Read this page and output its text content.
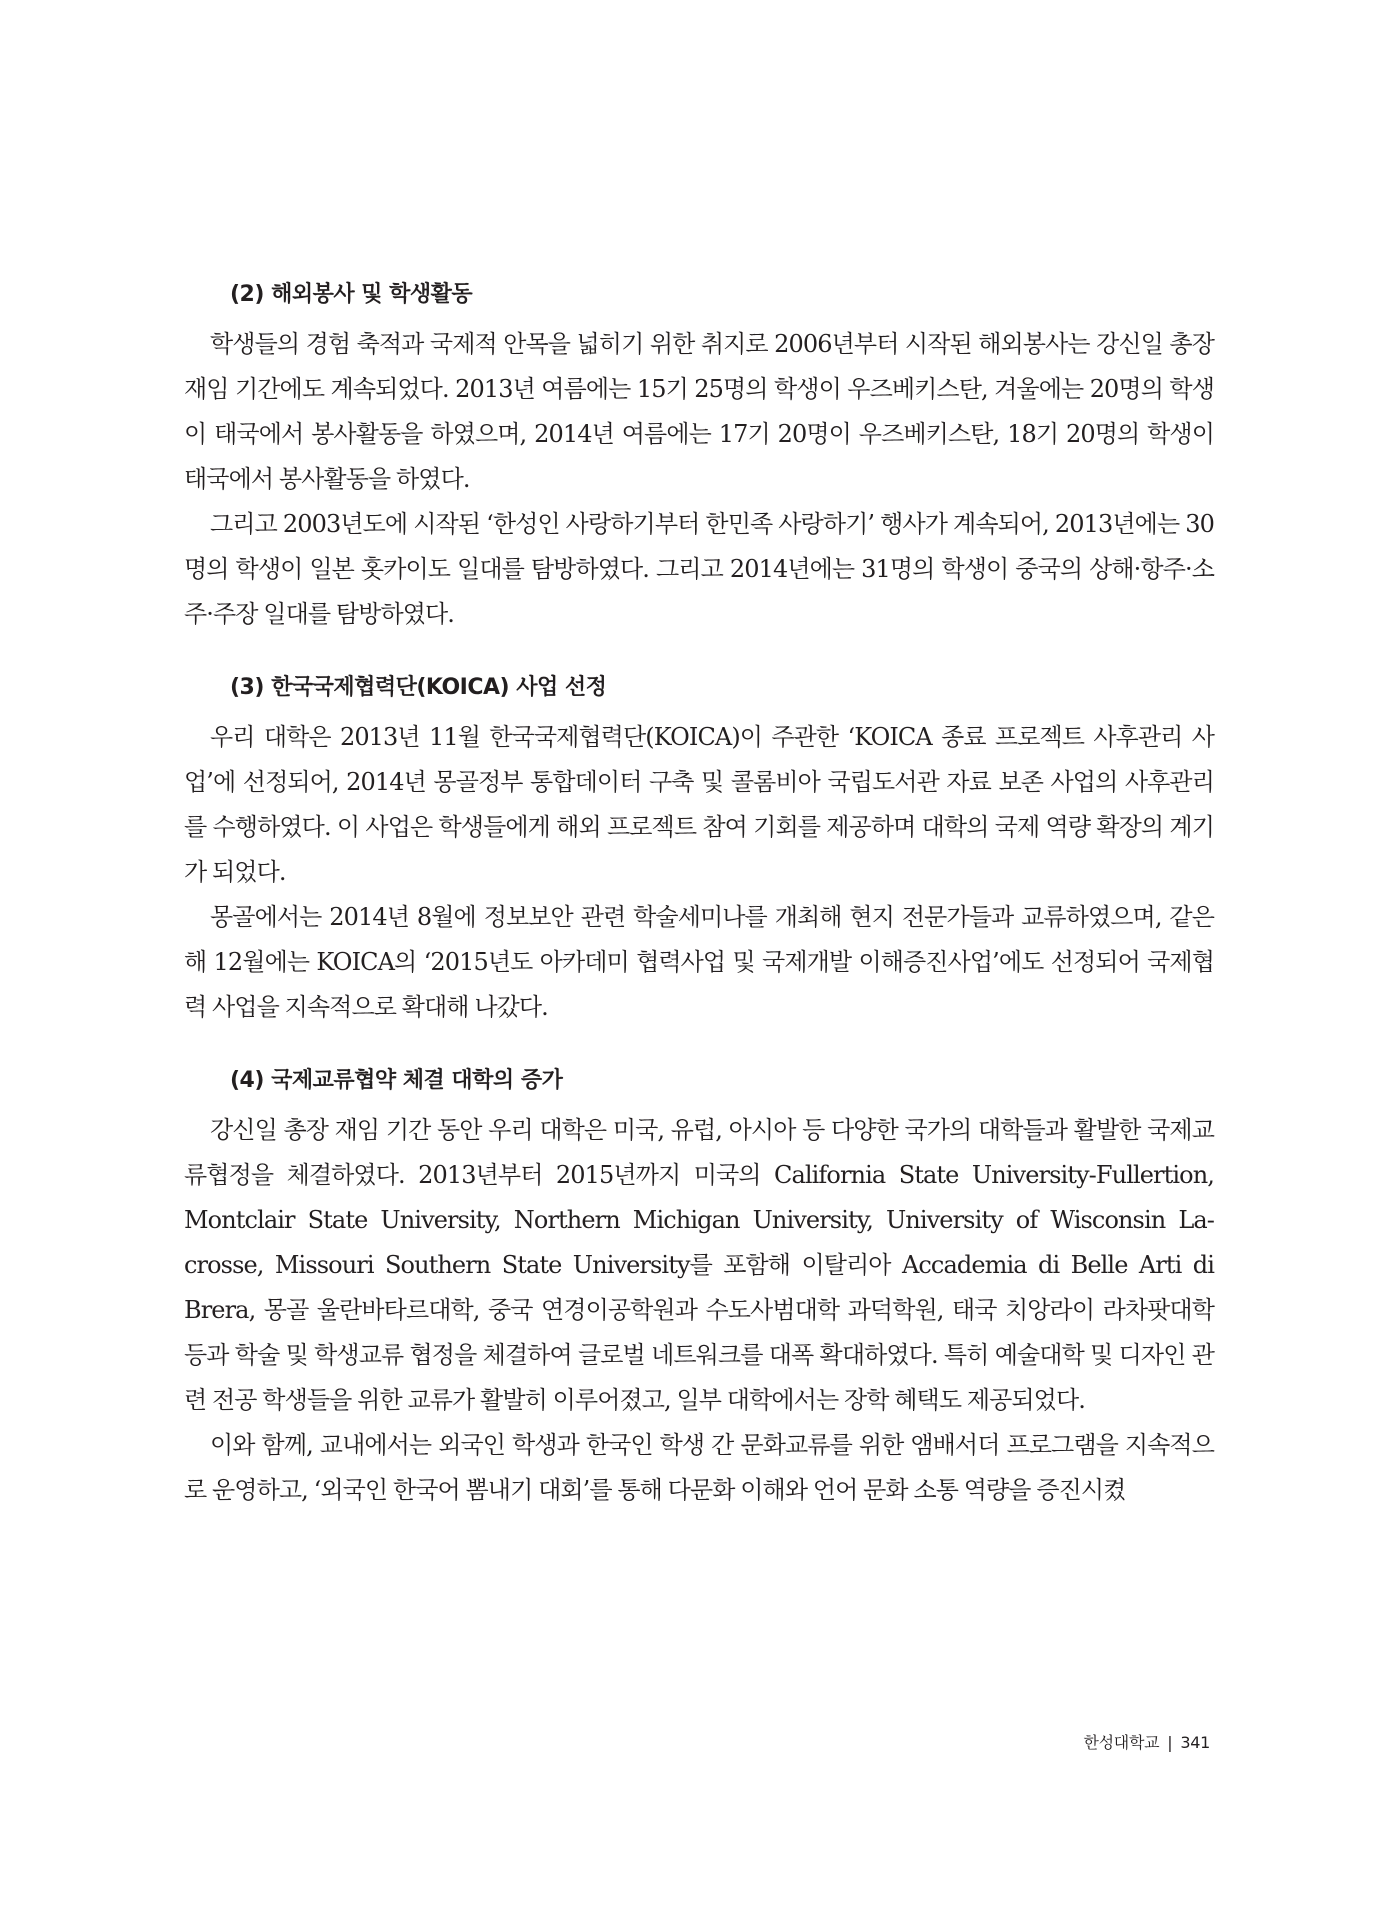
(2) 해외봉사 및 학생활동

학생들의 경험 축적과 국제적 안목을 넓히기 위한 취지로 2006년부터 시작된 해외봉사는 강신일 총장 재임 기간에도 계속되었다. 2013년 여름에는 15기 25명의 학생이 우즈베키스탄, 겨울에는 20명의 학생이 태국에서 봉사활동을 하였으며, 2014년 여름에는 17기 20명이 우즈베키스탄, 18기 20명의 학생이 태국에서 봉사활동을 하였다.

그리고 2003년도에 시작된 ‘한성인 사랑하기부터 한민족 사랑하기’ 행사가 계속되어, 2013년에는 30명의 학생이 일본 홋카이도 일대를 탐방하였다. 그리고 2014년에는 31명의 학생이 중국의 상해·항주·소주·주장 일대를 탐방하였다.

(3) 한국국제협력단(KOICA) 사업 선정

우리 대학은 2013년 11월 한국국제협력단(KOICA)이 주관한 ‘KOICA 종료 프로젝트 사후관리 사업’에 선정되어, 2014년 몽골정부 통합데이터 구축 및 콜롬비아 국립도서관 자료 보존 사업의 사후관리를 수행하였다. 이 사업은 학생들에게 해외 프로젝트 참여 기회를 제공하며 대학의 국제 역량 확장의 계기가 되었다.

몽골에서는 2014년 8월에 정보보안 관련 학술세미나를 개최해 현지 전문가들과 교류하였으며, 같은 해 12월에는 KOICA의 ‘2015년도 아카데미 협력사업 및 국제개발 이해증진사업’에도 선정되어 국제협력 사업을 지속적으로 확대해 나갔다.

(4) 국제교류협약 체결 대학의 증가

강신일 총장 재임 기간 동안 우리 대학은 미국, 유럽, 아시아 등 다양한 국가의 대학들과 활발한 국제교류협정을 체결하였다. 2013년부터 2015년까지 미국의 California State University-Fullertion, Montclair State University, Northern Michigan University, University of Wisconsin La-crosse, Missouri Southern State University를 포함해 이탈리아 Accademia di Belle Arti di Brera, 몽골 울란바타르대학, 중국 연경이공학원과 수도사범대학 과덕학원, 태국 치앙라이 라차팟대학 등과 학술 및 학생교류 협정을 체결하여 글로벌 네트워크를 대폭 확대하였다. 특히 예술대학 및 디자인 관련 전공 학생들을 위한 교류가 활발히 이루어졌고, 일부 대학에서는 장학 혜택도 제공되었다.

이와 함께, 교내에서는 외국인 학생과 한국인 학생 간 문화교류를 위한 앰배서더 프로그램을 지속적으로 운영하고, ‘외국인 한국어 뽐내기 대회’를 통해 다문화 이해와 언어 문화 소통 역량을 증진시켰

한성대학교 | 341
